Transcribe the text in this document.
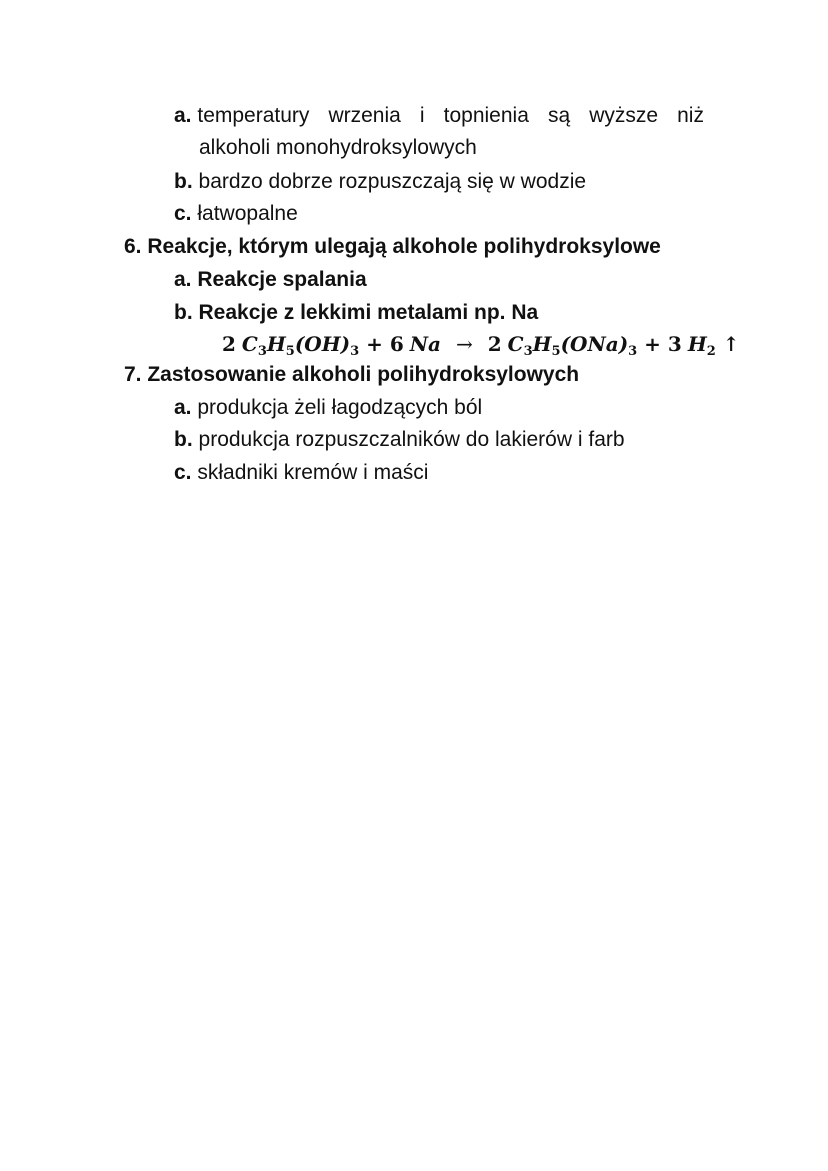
a. temperatury wrzenia i topnienia są wyższe niż
alkoholi monohydroksylowych
b. bardzo dobrze rozpuszczają się w wodzie
c. łatwopalne
6. Reakcje, którym ulegają alkohole polihydroksylowe
a. Reakcje spalania
b. Reakcje z lekkimi metalami np. Na
2 $C_3H_5(OH)_3 + 6$ Na → 2 $C_3H_5(ONa)_3 + 3$ $H_2$ ↑
7. Zastosowanie alkoholi polihydroksylowych
a. produkcja żeli łagodzących ból
b. produkcja rozpuszczalników do lakierów i farb
c. składniki kremów i maści
